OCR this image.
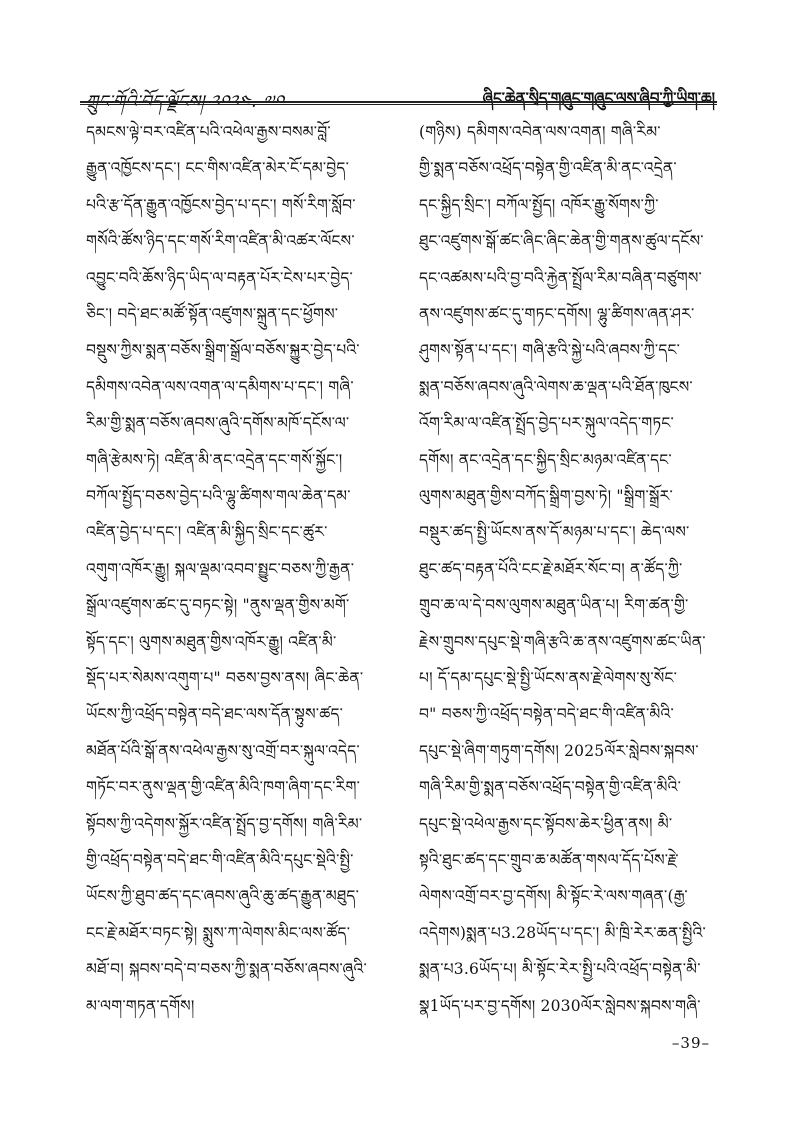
ཀྲུང་གོའི་བོད་ལྗོངས། ༢༠༢༤. ༧༠	ཞིང་ཆེན་སྲིད་གཞུང་གཞུང་ལས་ཞིབ་ཀྱི་ཡིག་ཆ།
དམངས་ལྟེ་བར་འཛིན་པའི་འཕེལ་རྒྱས་བསམ་བློ་
རྒྱུན་འཁྱོངས་དང་། ངང་གིས་འཛིན་མེར་ངོ་དམ་བྱེད་
པའི་རྩ་དོན་རྒྱུན་འཁྱོངས་བྱེད་པ་དང་། གསོ་རིག་སློབ་
གསོའི་ཚོས་ཉིད་དང་གསོ་རིག་འཛིན་མི་འཚར་ལོངས་
འབྱུང་བའི་ཆོས་ཉིད་ཡིད་ལ་བརྟན་པོར་ངེས་པར་བྱེད་
ཅིང་། བདེ་ཐང་མཚོ་སྟོན་འཛུགས་སྐྲུན་དང་ཕྱོགས་
བསྡུས་ཀྱིས་སྨན་བཅོས་སྒྲིག་སྒྲོལ་བཅོས་སྐྱུར་བྱེད་པའི་
དམིགས་འབེན་ལས་འགན་ལ་དམིགས་པ་དང་། གཞི་
རིམ་གྱི་སྨན་བཅོས་ཞབས་ཞུའི་དགོས་མཁོ་དངོས་ལ་
གཞི་རྩེམས་ཏེ། འཛིན་མི་ནང་འདྲེན་དང་གསོ་སྐྱོང་།
བཀོལ་སྤྱོད་བཅས་བྱེད་པའི་ལྷུ་ཚིགས་གལ་ཆེན་དམ་
འཛིན་བྱེད་པ་དང་། འཛིན་མི་སྐྱིད་སྲིང་དང་ཚུར་
འགུག་འཁོར་རྒྱུ། སྐལ་ལྡམ་འབབ་སྤྱུང་བཅས་ཀྱི་རྒྱན་
སྒྲོལ་འཛུགས་ཚང་དུ་བཏང་སྟེ། "ནུས་ལྡན་གྱིས་མགོ་
སྟོད་དང་། ལུགས་མཐུན་གྱིས་འཁོར་རྒྱུ། འཛིན་མི་
སྡོད་པར་སེམས་འགུག་པ" བཅས་བྱས་ནས། ཞིང་ཆེན་
ཡོངས་ཀྱི་འཕྲོད་བསྟེན་བདེ་ཐང་ལས་དོན་སྟུས་ཚད་
མཐོན་པོའི་སྒོ་ནས་འཕེལ་རྒྱས་སུ་འགྲོ་བར་སྐུལ་འདེད་
གཏོང་བར་ནུས་ལྡན་གྱི་འཛིན་མིའི་ཁག་ཞིག་དང་རིག་
སྟོབས་ཀྱི་འདེགས་སྐྱོར་འཛིན་སྤྲོད་བྱ་དགོས། གཞི་རིམ་
གྱི་འཕྲོད་བསྟེན་བདེ་ཐང་གི་འཛིན་མིའི་དཔུང་སྡེའི་སྤྱི་
ཡོངས་ཀྱི་ཐུབ་ཚད་དང་ཞབས་ཞུའི་ཆུ་ཚད་རྒྱུན་མཐུད་
ངང་རྗེ་མཐོར་བཏང་སྟེ། སྨུས་ཀ་ལེགས་མིང་ལས་ཚོད་
མཐོ་བ། སྐབས་བདེ་བ་བཅས་ཀྱི་སྨན་བཅོས་ཞབས་ཞུའི་
མ་ལག་གཏན་དགོས།
(གཉིས) དམིགས་འབེན་ལས་འགན། གཞི་རིམ་
གྱི་སྨན་བཅོས་འཕྲོད་བསྟེན་གྱི་འཛིན་མི་ནང་འདྲེན་
དང་སྐྱིད་སྲིང་། བཀོལ་སྤྱོད། འཁོར་རྒྱུ་སོགས་ཀྱི་
ཐུང་འཛུགས་སྒོ་ཚང་ཞིང་ཞིང་ཆེན་གྱི་གནས་ཚུལ་དངོས་
དང་འཚམས་པའི་བྱ་བའི་རྐྱེན་སྤྲོལ་རིམ་བཞིན་བཙུགས་
ནས་འཛུགས་ཚང་དུ་གཏང་དགོས། ལྷུ་ཚིགས་ཞན་ཤར་
ཤུགས་སྟོན་པ་དང་། གཞི་རྩའི་སྐྱེ་པའི་ཞབས་ཀྱི་དང་
སྨན་བཅོས་ཞབས་ཞུའི་ལེགས་ཆ་ལྡན་པའི་ཐོན་ཁུངས་
འོག་རིམ་ལ་འཛིན་སྤྲོད་བྱེད་པར་སྐུལ་འདེད་གཏང་
དགོས། ནང་འདྲེན་དང་སྐྱིད་སྲིང་མཉམ་འཛིན་དང་
ལུགས་མཐུན་གྱིས་བཀོད་སྒྲིག་བྱས་ཏེ། "སྒྲིག་སྒྲོར་
བསྡུར་ཚད་སྤྱི་ཡོངས་ནས་དོ་མཉམ་པ་དང་། ཆེད་ལས་
ཐུང་ཚད་བརྟན་པོའི་ངང་རྗེ་མཐོར་སོང་བ། ན་ཚོད་ཀྱི་
གྲུབ་ཆ་ལ་དེ་བས་ལུགས་མཐུན་ཡིན་པ། རིག་ཚན་གྱི་
རྗེས་གྲུབས་དཔུང་སྡེ་གཞི་རྩའི་ཆ་ནས་འཛུགས་ཚང་ཡིན་
པ། དོ་དམ་དཔུང་སྡེ་སྤྱི་ཡོངས་ནས་རྗེ་ལེགས་སུ་སོང་
བ" བཅས་ཀྱི་འཕྲོད་བསྟེན་བདེ་ཐང་གི་འཛིན་མིའི་
དཔུང་སྡེ་ཞིག་གཏུག་དགོས། 2025ལོར་སླེབས་སྐབས་
གཞི་རིམ་གྱི་སྨན་བཅོས་འཕྲོད་བསྟེན་གྱི་འཛིན་མིའི་
དཔུང་སྡེ་འཕེལ་རྒྱས་དང་སྟོབས་ཆེར་ཕྱིན་ནས། མི་
སྟའི་ཐུང་ཚད་དང་གྲུབ་ཆ་མཚོན་གསལ་དོད་པོས་རྗེ་
ལེགས་འགྲོ་བར་བྱ་དགོས། མི་སྟོང་རེ་ལས་གཞན་(རྒྱ་
འདེགས)སྨན་པ3.28ཡོད་པ་དང་། མི་ཁྲི་རེར་ཆན་སྤྱིའི་
སྨན་པ3.6ཡོད་པ། མི་སྟོང་རེར་སྤྱི་པའི་འཕྲོད་བསྟེན་མི་
སྣ1ཡོད་པར་བྱ་དགོས། 2030ལོར་སླེབས་སྐབས་གཞི་
–39–
